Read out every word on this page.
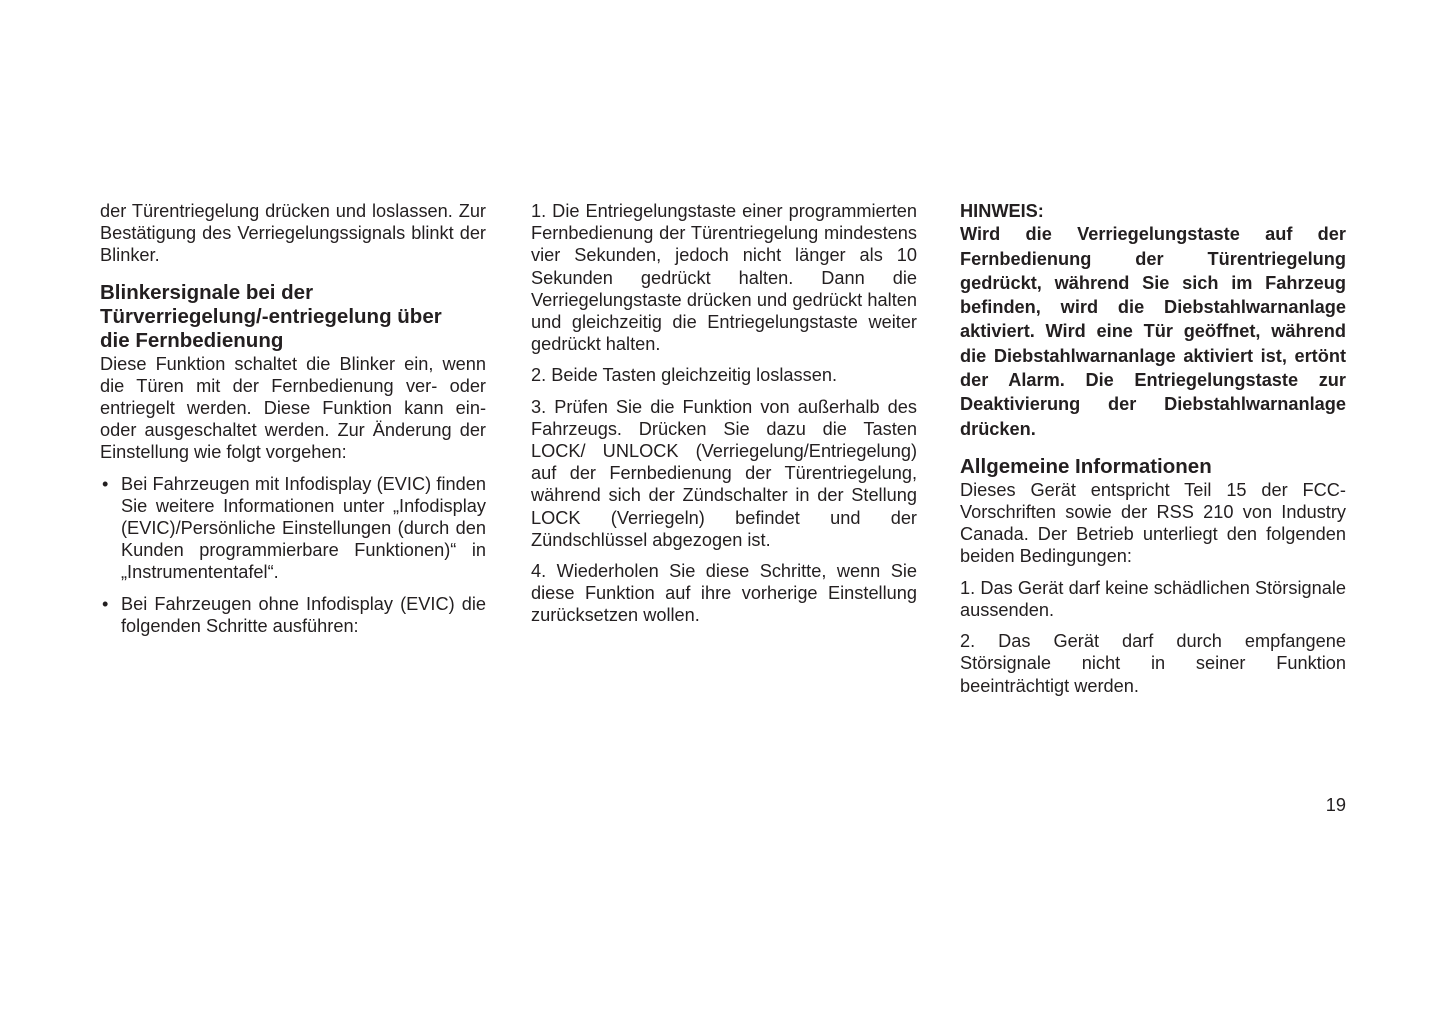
der Türentriegelung drücken und loslassen. Zur Bestätigung des Verriegelungssignals blinkt der Blinker.

Blinkersignale bei der
Türverriegelung/-entriegelung über
die Fernbedienung

Diese Funktion schaltet die Blinker ein, wenn die Türen mit der Fernbedienung ver- oder entriegelt werden. Diese Funktion kann ein- oder ausgeschaltet werden. Zur Änderung der Einstellung wie folgt vorgehen:

• Bei Fahrzeugen mit Infodisplay (EVIC) finden Sie weitere Informationen unter „Infodisplay (EVIC)/Persönliche Einstellungen (durch den Kunden programmierbare Funktionen)“ in „Instrumententafel“.
• Bei Fahrzeugen ohne Infodisplay (EVIC) die folgenden Schritte ausführen:

1. Die Entriegelungstaste einer programmierten Fernbedienung der Türentriegelung mindestens vier Sekunden, jedoch nicht länger als 10 Sekunden gedrückt halten. Dann die Verriegelungstaste drücken und gedrückt halten und gleichzeitig die Entriegelungstaste weiter gedrückt halten.

2. Beide Tasten gleichzeitig loslassen.

3. Prüfen Sie die Funktion von außerhalb des Fahrzeugs. Drücken Sie dazu die Tasten LOCK/ UNLOCK (Verriegelung/Entriegelung) auf der Fernbedienung der Türentriegelung, während sich der Zündschalter in der Stellung LOCK (Verriegeln) befindet und der Zündschlüssel abgezogen ist.

4. Wiederholen Sie diese Schritte, wenn Sie diese Funktion auf ihre vorherige Einstellung zurücksetzen wollen.

HINWEIS:

Wird die Verriegelungstaste auf der Fernbedienung der Türentriegelung gedrückt, während Sie sich im Fahrzeug befinden, wird die Diebstahlwarnanlage aktiviert. Wird eine Tür geöffnet, während die Diebstahlwarnanlage aktiviert ist, ertönt der Alarm. Die Entriegelungstaste zur Deaktivierung der Diebstahlwarnanlage drücken.

Allgemeine Informationen

Dieses Gerät entspricht Teil 15 der FCC-Vorschriften sowie der RSS 210 von Industry Canada. Der Betrieb unterliegt den folgenden beiden Bedingungen:

1. Das Gerät darf keine schädlichen Störsignale aussenden.

2. Das Gerät darf durch empfangene Störsignale nicht in seiner Funktion beeinträchtigt werden.

19
